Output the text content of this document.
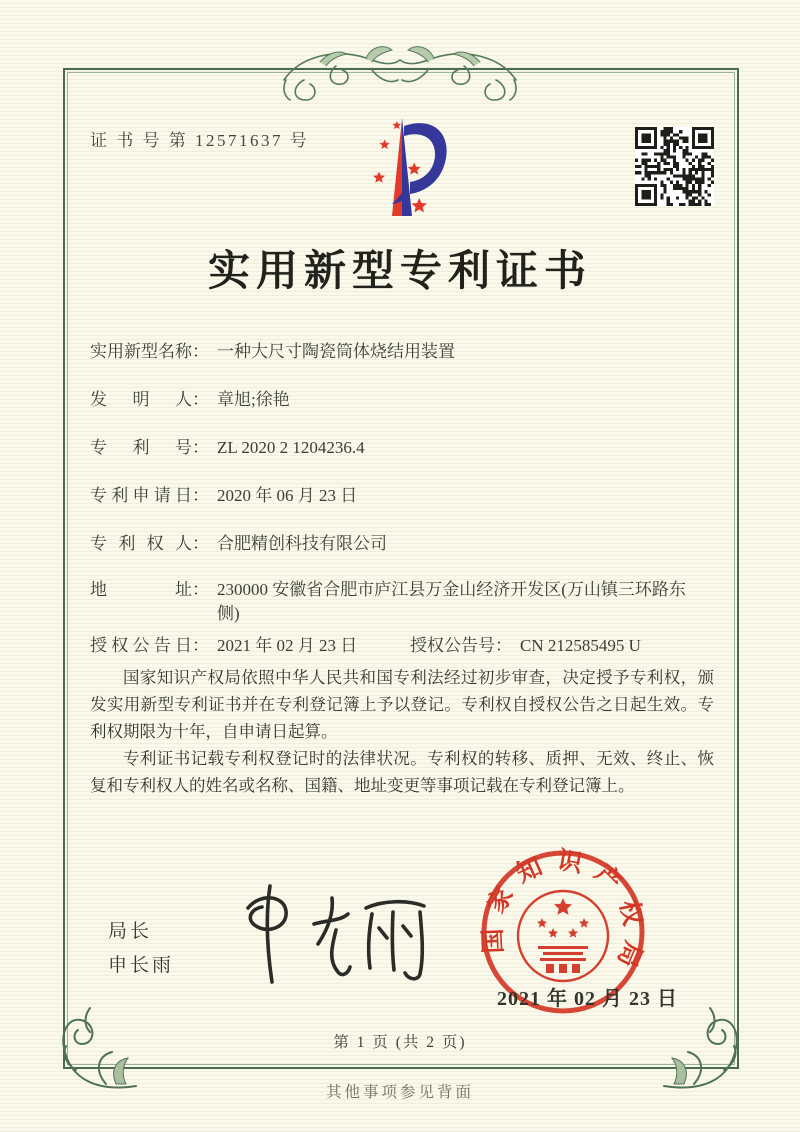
证 书 号 第 12571637 号
实用新型专利证书
实用新型名称 ： 一种大尺寸陶瓷筒体烧结用装置
发明人 ： 章旭;徐艳
专利号 ： ZL 2020 2 1204236.4
专利申请日 ： 2020 年 06 月 23 日
专利权人 ： 合肥精创科技有限公司
地址 ： 230000 安徽省合肥市庐江县万金山经济开发区(万山镇三环路东侧)
授权公告日 ： 2021 年 02 月 23 日	授权公告号 ： CN 212585495 U

国家知识产权局依照中华人民共和国专利法经过初步审查，决定授予专利权，颁发实用新型专利证书并在专利登记簿上予以登记。专利权自授权公告之日起生效。专利权期限为十年，自申请日起算。

专利证书记载专利权登记时的法律状况。专利权的转移、质押、无效、终止、恢复和专利权人的姓名或名称、国籍、地址变更等事项记载在专利登记簿上。

局长
申长雨
国家知识产权局
2021 年 02 月 23 日
第 1 页 (共 2 页)
其他事项参见背面
